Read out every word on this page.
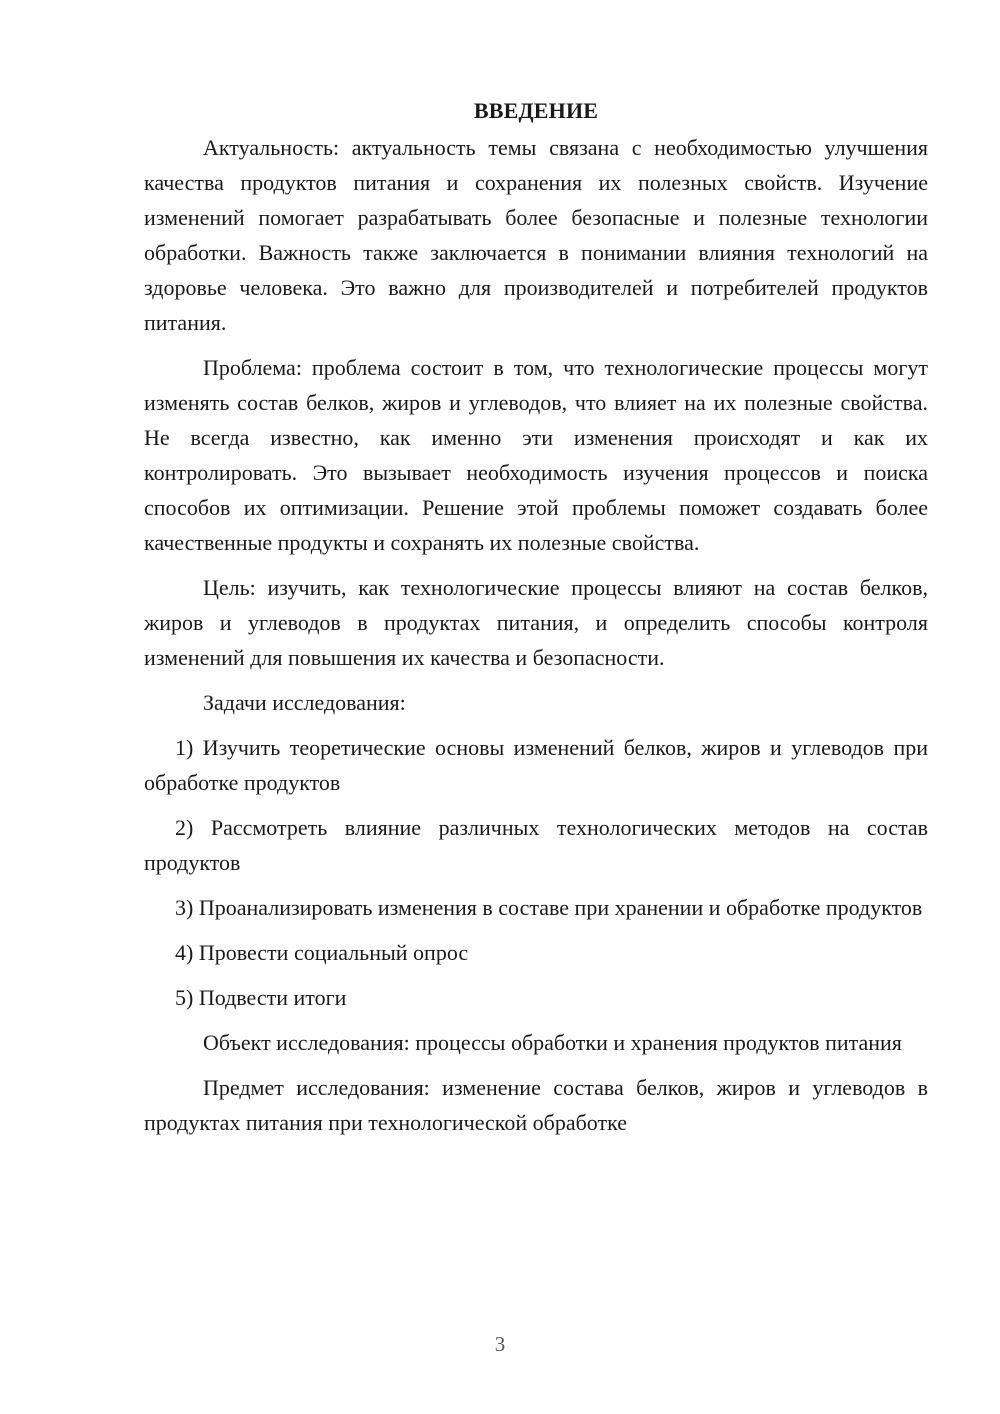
ВВЕДЕНИЕ

Актуальность: актуальность темы связана с необходимостью улучшения качества продуктов питания и сохранения их полезных свойств. Изучение изменений помогает разрабатывать более безопасные и полезные технологии обработки. Важность также заключается в понимании влияния технологий на здоровье человека. Это важно для производителей и потребителей продуктов питания.

Проблема: проблема состоит в том, что технологические процессы могут изменять состав белков, жиров и углеводов, что влияет на их полезные свойства. Не всегда известно, как именно эти изменения происходят и как их контролировать. Это вызывает необходимость изучения процессов и поиска способов их оптимизации. Решение этой проблемы поможет создавать более качественные продукты и сохранять их полезные свойства.

Цель: изучить, как технологические процессы влияют на состав белков, жиров и углеводов в продуктах питания, и определить способы контроля изменений для повышения их качества и безопасности.

Задачи исследования:

1) Изучить теоретические основы изменений белков, жиров и углеводов при обработке продуктов

2) Рассмотреть влияние различных технологических методов на состав продуктов

3) Проанализировать изменения в составе при хранении и обработке продуктов

4) Провести социальный опрос

5) Подвести итоги

Объект исследования: процессы обработки и хранения продуктов питания

Предмет исследования: изменение состава белков, жиров и углеводов в продуктах питания при технологической обработке

3
